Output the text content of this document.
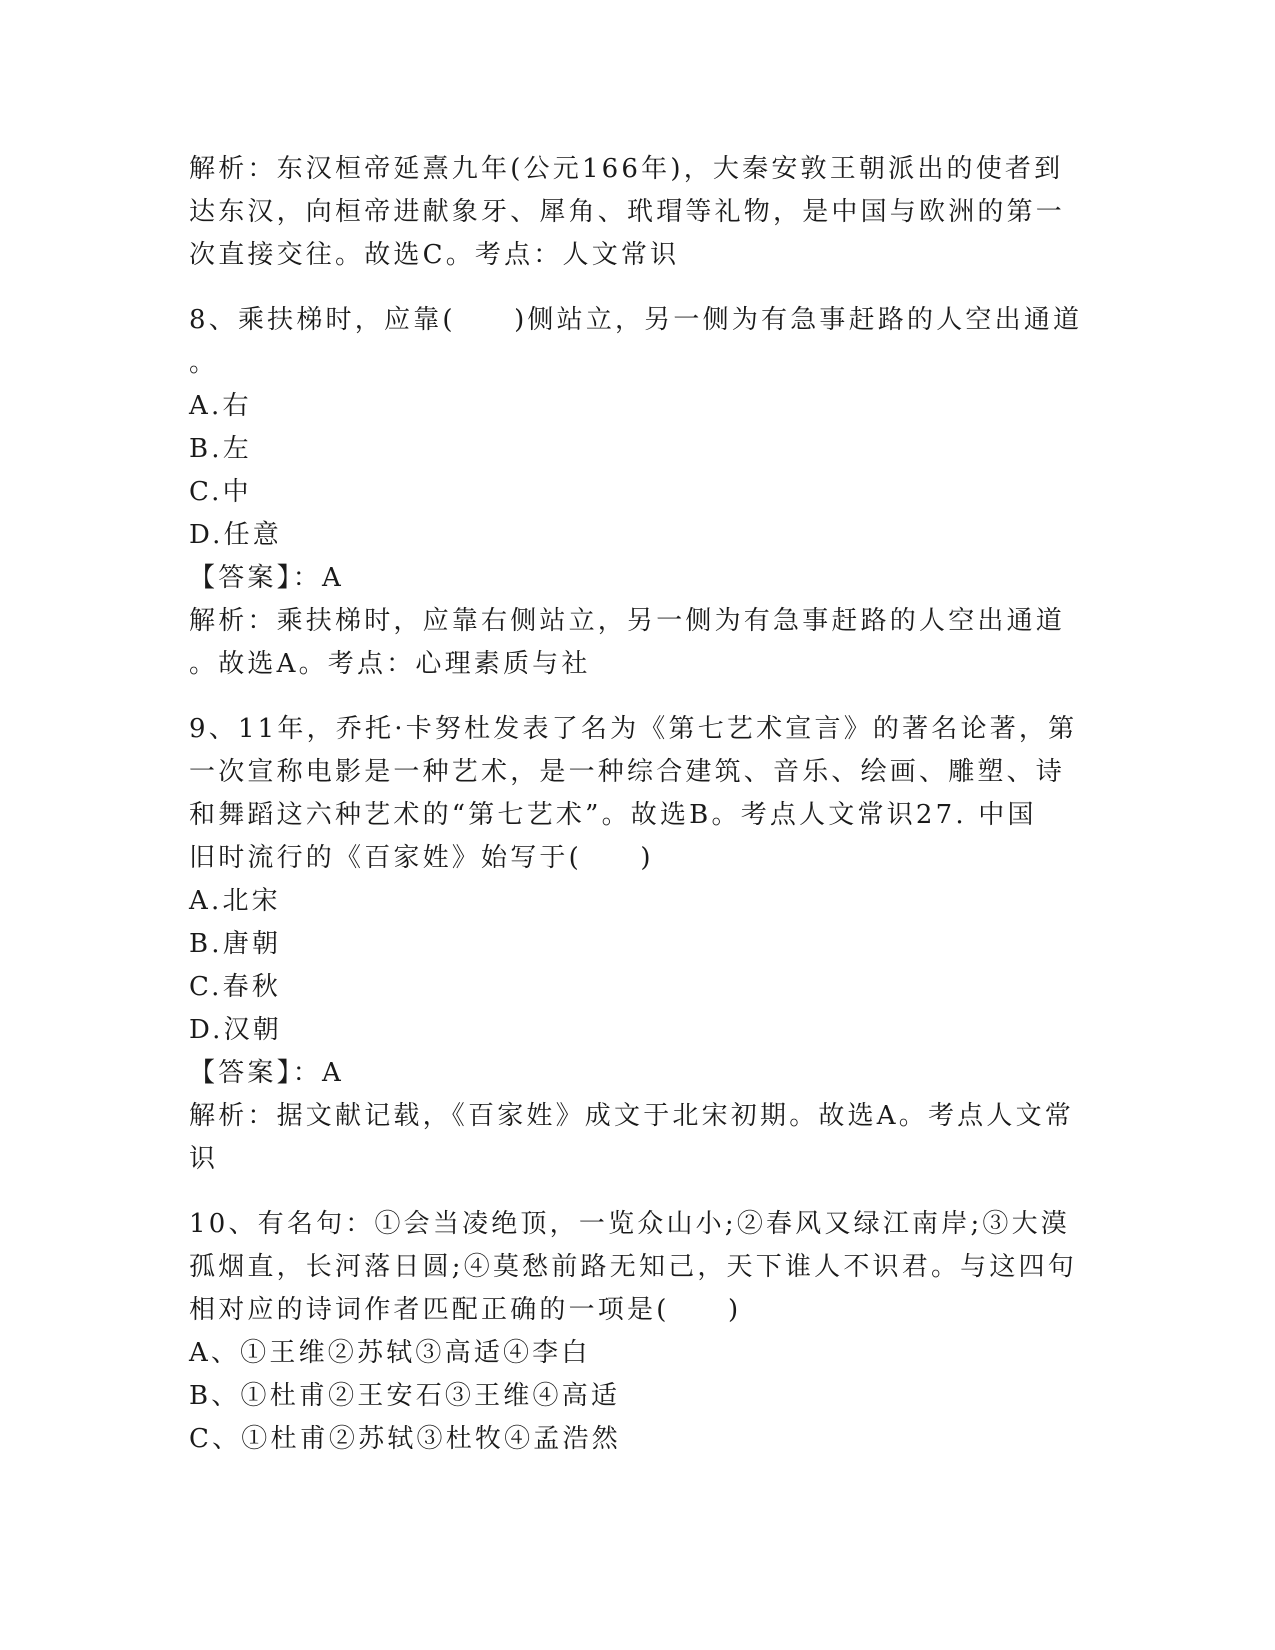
解析：东汉桓帝延熹九年(公元166年)，大秦安敦王朝派出的使者到
达东汉，向桓帝进献象牙、犀角、玳瑁等礼物，是中国与欧洲的第一
次直接交往。故选C。考点：人文常识
8、乘扶梯时，应靠(　　)侧站立，另一侧为有急事赶路的人空出通道
。
A.右
B.左
C.中
D.任意
【答案】：A
解析：乘扶梯时，应靠右侧站立，另一侧为有急事赶路的人空出通道
。故选A。考点：心理素质与社
9、11年，乔托·卡努杜发表了名为《第七艺术宣言》的著名论著，第
一次宣称电影是一种艺术，是一种综合建筑、音乐、绘画、雕塑、诗
和舞蹈这六种艺术的“第七艺术”。故选B。考点人文常识27. 中国
旧时流行的《百家姓》始写于(　　)
A.北宋
B.唐朝
C.春秋
D.汉朝
【答案】：A
解析：据文献记载，《百家姓》成文于北宋初期。故选A。考点人文常
识
10、有名句：①会当凌绝顶，一览众山小;②春风又绿江南岸;③大漠
孤烟直，长河落日圆;④莫愁前路无知己，天下谁人不识君。与这四句
相对应的诗词作者匹配正确的一项是(　　)
A、①王维②苏轼③高适④李白
B、①杜甫②王安石③王维④高适
C、①杜甫②苏轼③杜牧④孟浩然
